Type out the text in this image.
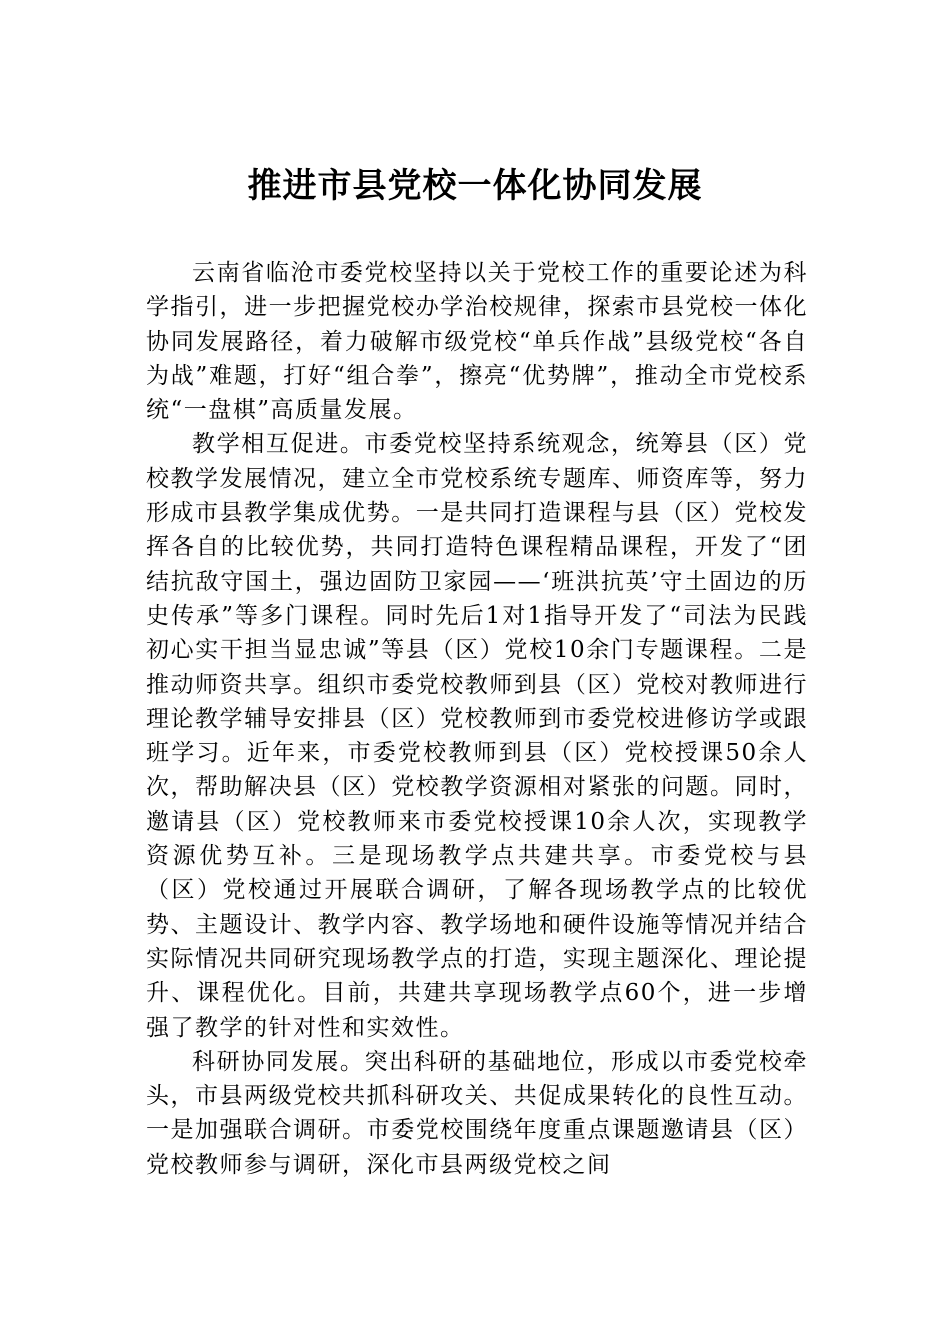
推进市县党校一体化协同发展

云南省临沧市委党校坚持以关于党校工作的重要论述为科学指引，进一步把握党校办学治校规律，探索市县党校一体化协同发展路径，着力破解市级党校“单兵作战”县级党校“各自为战”难题，打好“组合拳”，擦亮“优势牌”，推动全市党校系统“一盘棋”高质量发展。

教学相互促进。市委党校坚持系统观念，统筹县（区）党校教学发展情况，建立全市党校系统专题库、师资库等，努力形成市县教学集成优势。一是共同打造课程与县（区）党校发挥各自的比较优势，共同打造特色课程精品课程，开发了“团结抗敌守国土，强边固防卫家园——‘班洪抗英’守土固边的历史传承”等多门课程。同时先后1对1指导开发了“司法为民践初心实干担当显忠诚”等县（区）党校10余门专题课程。二是推动师资共享。组织市委党校教师到县（区）党校对教师进行理论教学辅导安排县（区）党校教师到市委党校进修访学或跟班学习。近年来，市委党校教师到县（区）党校授课50余人次，帮助解决县（区）党校教学资源相对紧张的问题。同时，邀请县（区）党校教师来市委党校授课10余人次，实现教学资源优势互补。三是现场教学点共建共享。市委党校与县（区）党校通过开展联合调研，了解各现场教学点的比较优势、主题设计、教学内容、教学场地和硬件设施等情况并结合实际情况共同研究现场教学点的打造，实现主题深化、理论提升、课程优化。目前，共建共享现场教学点60个，进一步增强了教学的针对性和实效性。

科研协同发展。突出科研的基础地位，形成以市委党校牵头，市县两级党校共抓科研攻关、共促成果转化的良性互动。一是加强联合调研。市委党校围绕年度重点课题邀请县（区）党校教师参与调研，深化市县两级党校之间
